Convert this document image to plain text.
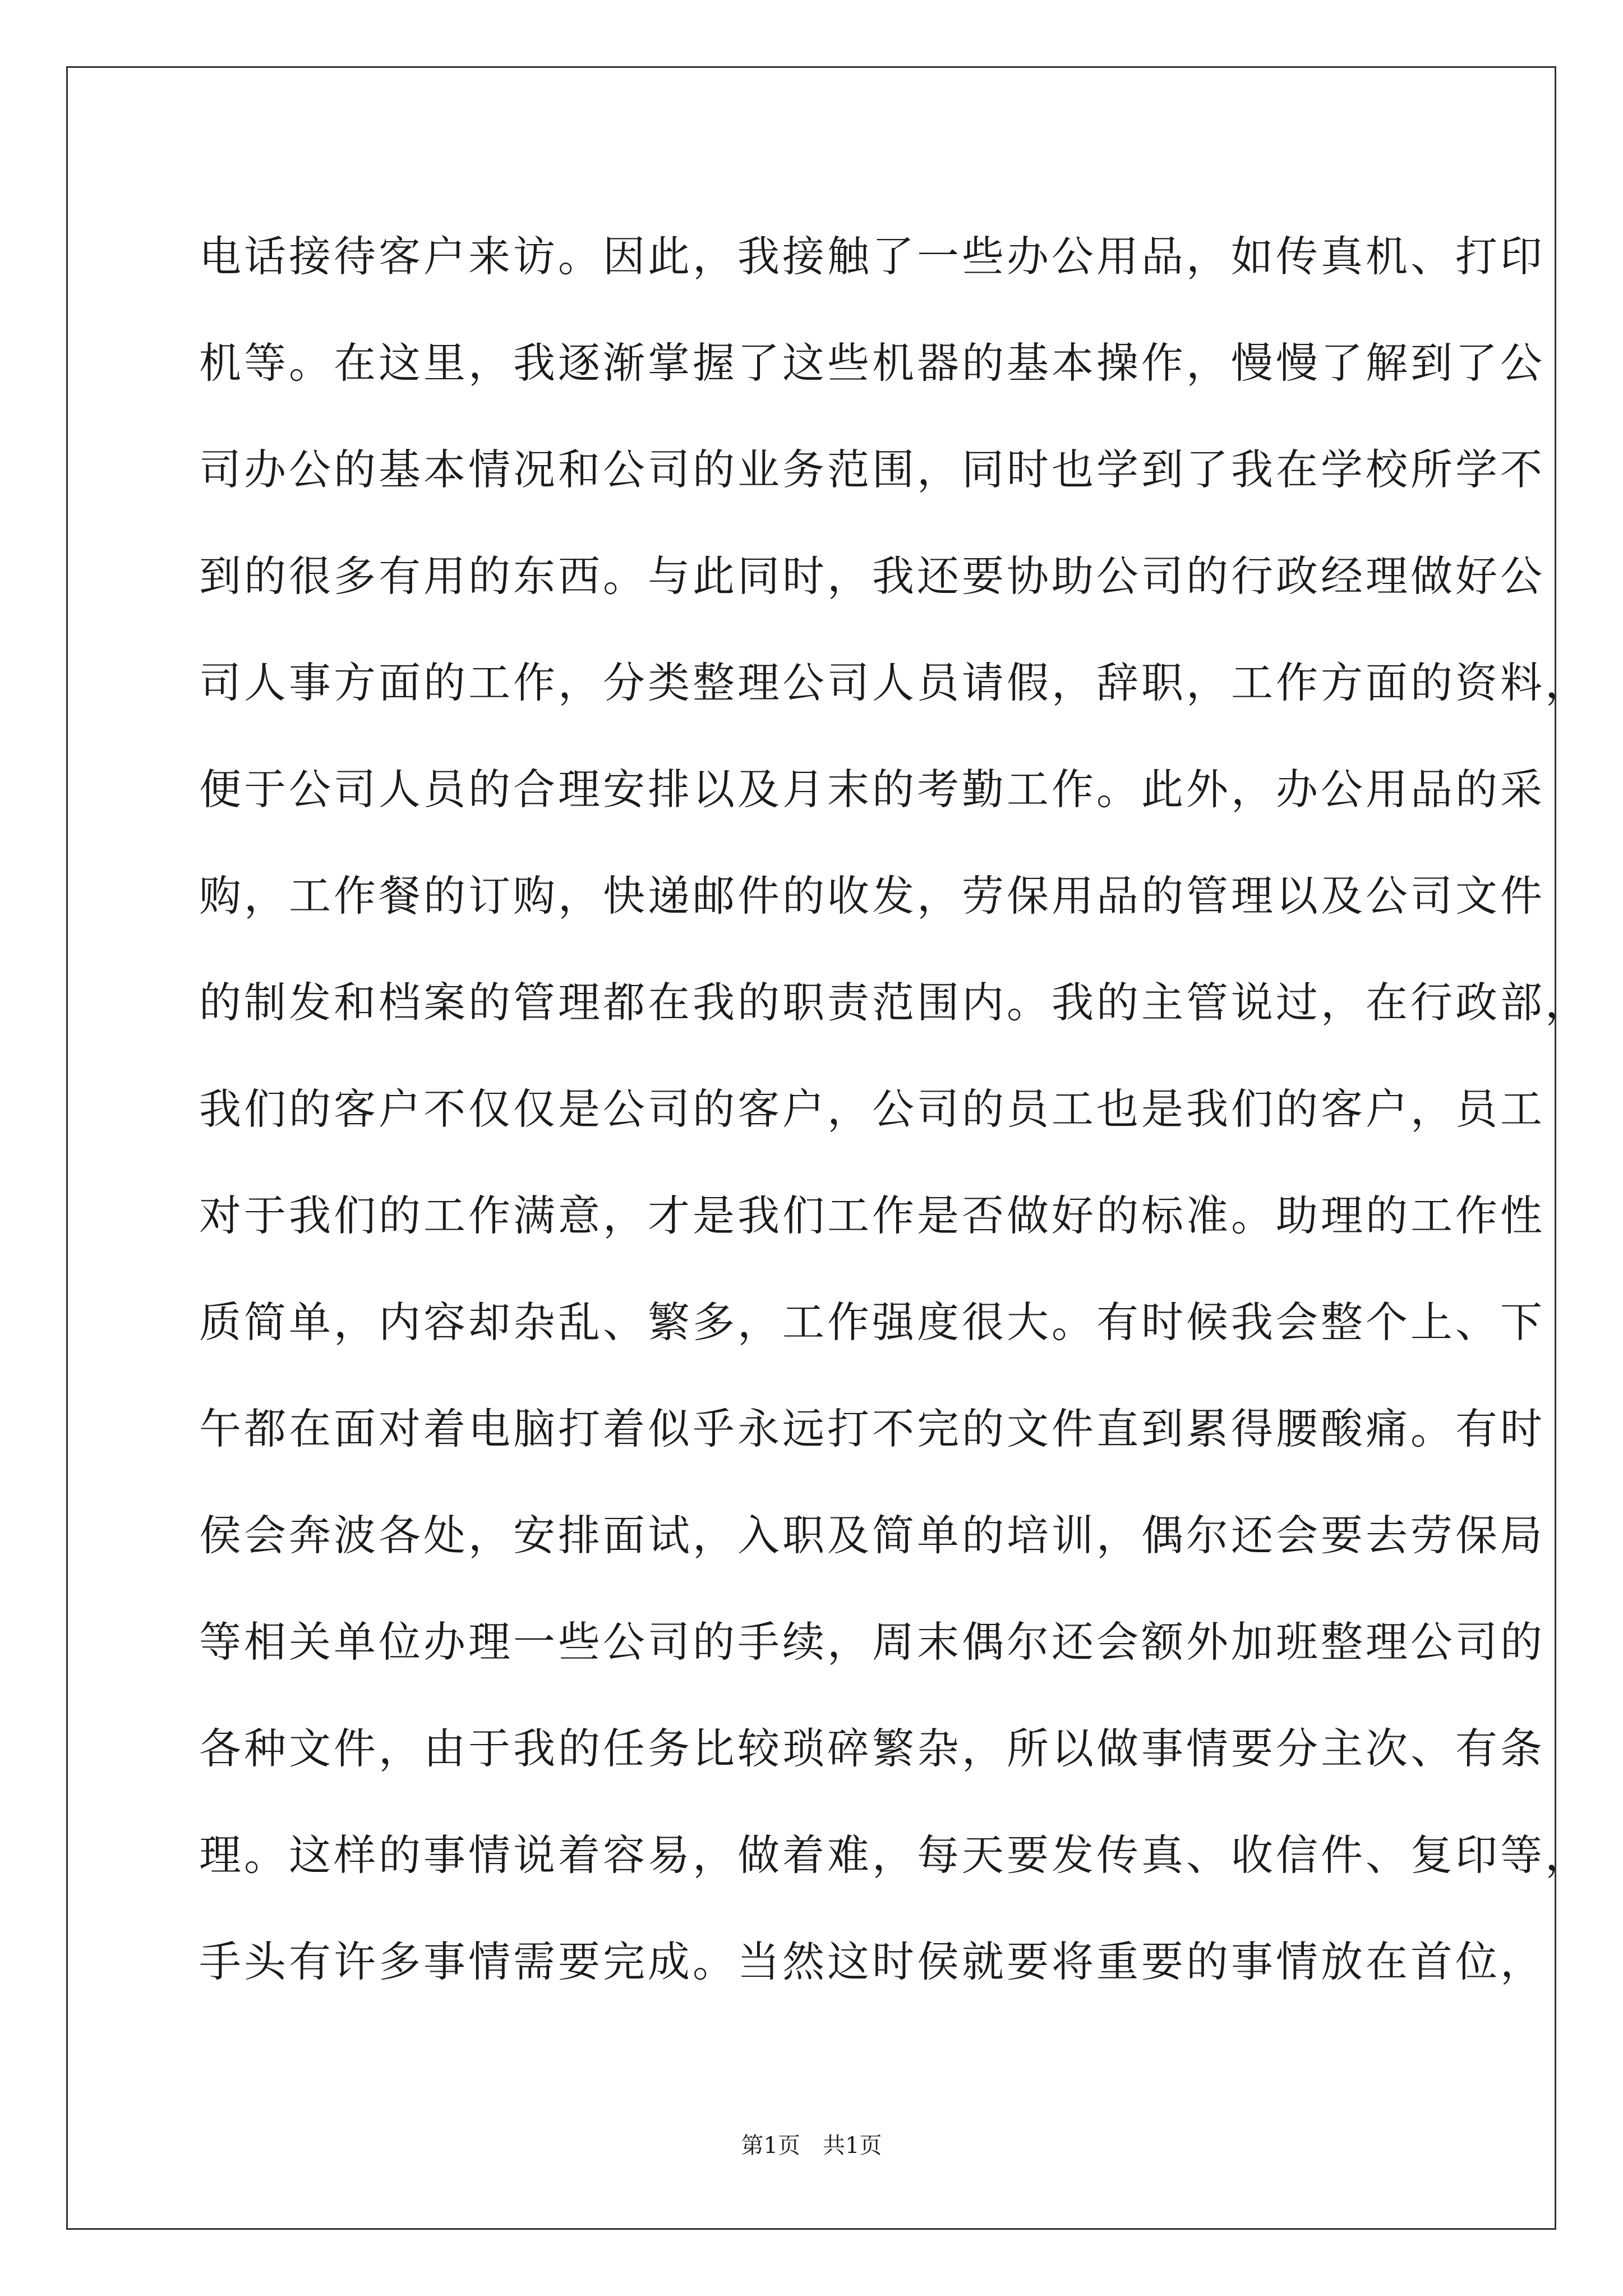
电话接待客户来访。因此，我接触了一些办公用品，如传真机、打印
机等。在这里，我逐渐掌握了这些机器的基本操作，慢慢了解到了公
司办公的基本情况和公司的业务范围，同时也学到了我在学校所学不
到的很多有用的东西。与此同时，我还要协助公司的行政经理做好公
司人事方面的工作，分类整理公司人员请假，辞职，工作方面的资料，
便于公司人员的合理安排以及月末的考勤工作。此外，办公用品的采
购，工作餐的订购，快递邮件的收发，劳保用品的管理以及公司文件
的制发和档案的管理都在我的职责范围内。我的主管说过，在行政部，
我们的客户不仅仅是公司的客户，公司的员工也是我们的客户，员工
对于我们的工作满意，才是我们工作是否做好的标准。助理的工作性
质简单，内容却杂乱、繁多，工作强度很大。有时候我会整个上、下
午都在面对着电脑打着似乎永远打不完的文件直到累得腰酸痛。有时
侯会奔波各处，安排面试，入职及简单的培训，偶尔还会要去劳保局
等相关单位办理一些公司的手续，周末偶尔还会额外加班整理公司的
各种文件，由于我的任务比较琐碎繁杂，所以做事情要分主次、有条
理。这样的事情说着容易，做着难，每天要发传真、收信件、复印等，
手头有许多事情需要完成。当然这时侯就要将重要的事情放在首位，
第1页　共1页
